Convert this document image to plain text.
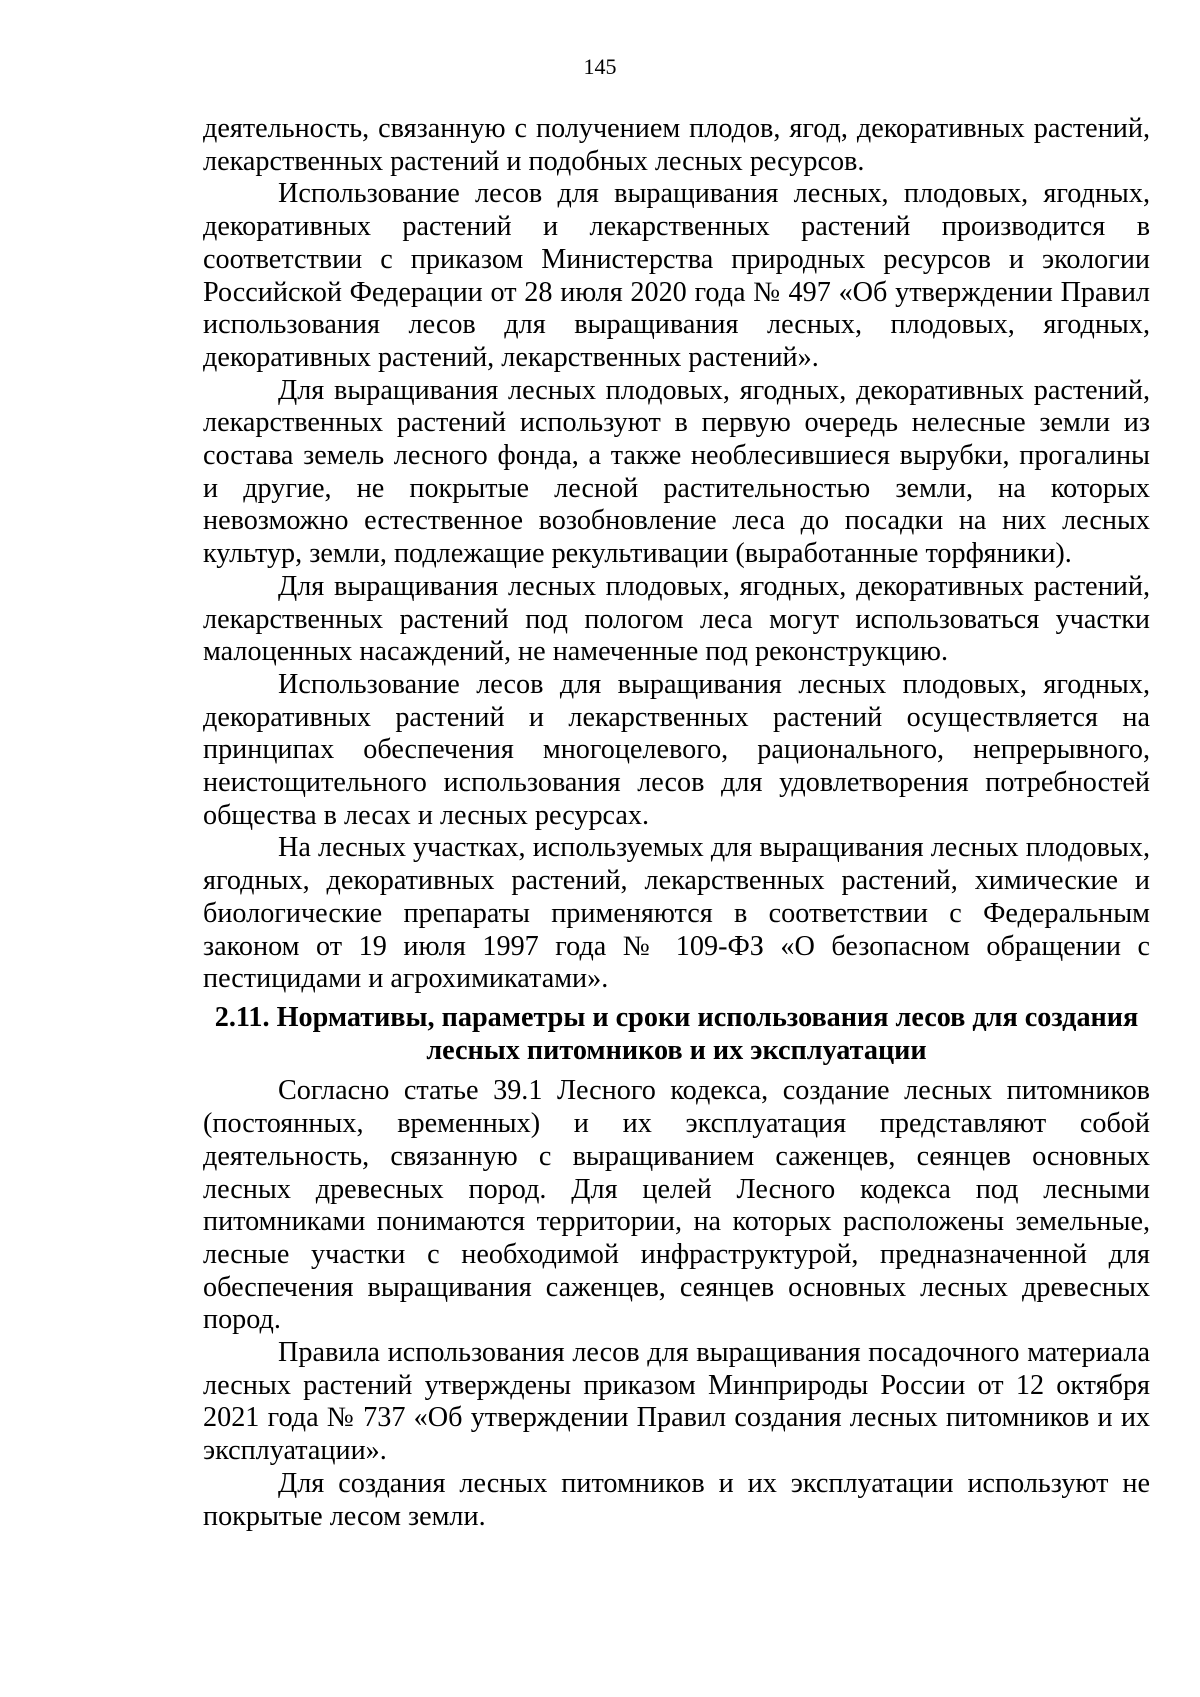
145

деятельность, связанную с получением плодов, ягод, декоративных растений, лекарственных растений и подобных лесных ресурсов.

Использование лесов для выращивания лесных, плодовых, ягодных, декоративных растений и лекарственных растений производится в соответствии с приказом Министерства природных ресурсов и экологии Российской Федерации от 28 июля 2020 года № 497 «Об утверждении Правил использования лесов для выращивания лесных, плодовых, ягодных, декоративных растений, лекарственных растений».

Для выращивания лесных плодовых, ягодных, декоративных растений, лекарственных растений используют в первую очередь нелесные земли из состава земель лесного фонда, а также необлесившиеся вырубки, прогалины и другие, не покрытые лесной растительностью земли, на которых невозможно естественное возобновление леса до посадки на них лесных культур, земли, подлежащие рекультивации (выработанные торфяники).

Для выращивания лесных плодовых, ягодных, декоративных растений, лекарственных растений под пологом леса могут использоваться участки малоценных насаждений, не намеченные под реконструкцию.

Использование лесов для выращивания лесных плодовых, ягодных, декоративных растений и лекарственных растений осуществляется на принципах обеспечения многоцелевого, рационального, непрерывного, неистощительного использования лесов для удовлетворения потребностей общества в лесах и лесных ресурсах.

На лесных участках, используемых для выращивания лесных плодовых, ягодных, декоративных растений, лекарственных растений, химические и биологические препараты применяются в соответствии с Федеральным законом от 19 июля 1997 года № 109-ФЗ «О безопасном обращении с пестицидами и агрохимикатами».

2.11. Нормативы, параметры и сроки использования лесов для создания
лесных питомников и их эксплуатации

Согласно статье 39.1 Лесного кодекса, создание лесных питомников (постоянных, временных) и их эксплуатация представляют собой деятельность, связанную с выращиванием саженцев, сеянцев основных лесных древесных пород. Для целей Лесного кодекса под лесными питомниками понимаются территории, на которых расположены земельные, лесные участки с необходимой инфраструктурой, предназначенной для обеспечения выращивания саженцев, сеянцев основных лесных древесных пород.

Правила использования лесов для выращивания посадочного материала лесных растений утверждены приказом Минприроды России от 12 октября 2021 года № 737 «Об утверждении Правил создания лесных питомников и их эксплуатации».

Для создания лесных питомников и их эксплуатации используют не покрытые лесом земли.
